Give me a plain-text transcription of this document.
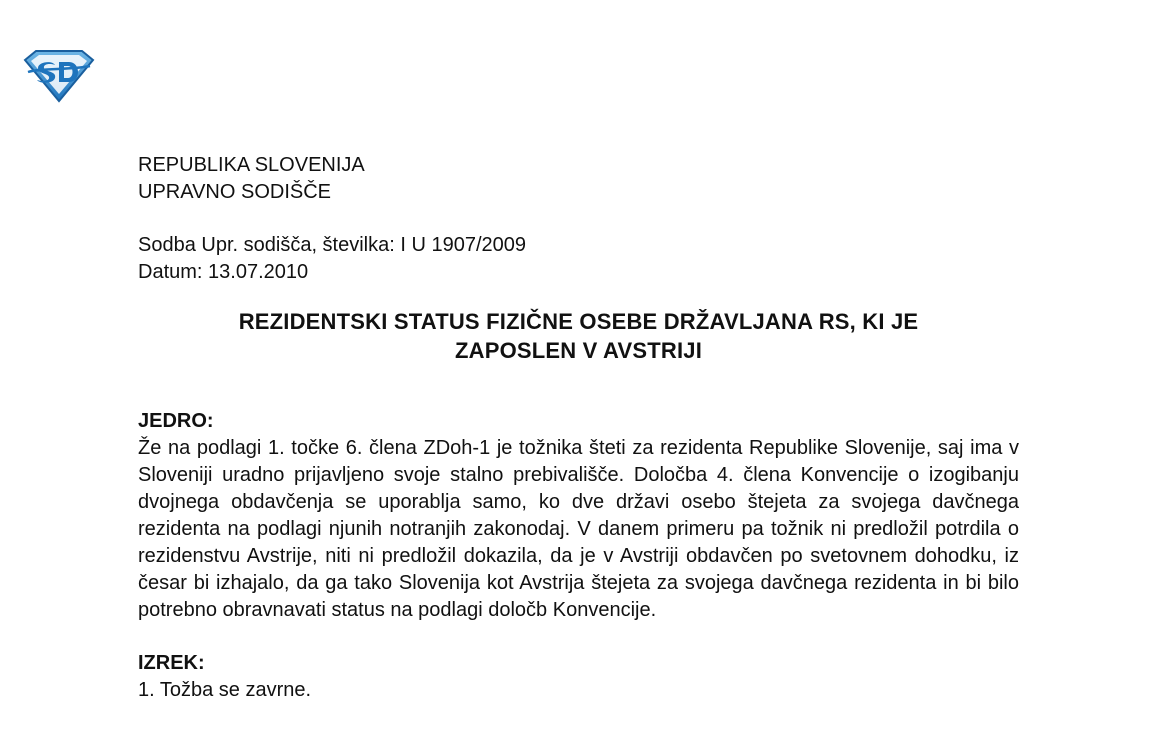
REPUBLIKA SLOVENIJA

UPRAVNO SODIŠČE

Sodba Upr. sodišča, številka: I U 1907/2009

Datum: 13.07.2010

REZIDENTSKI STATUS FIZIČNE OSEBE DRŽAVLJANA RS, KI JE
ZAPOSLEN V AVSTRIJI

JEDRO:

Že na podlagi 1. točke 6. člena ZDoh-1 je tožnika šteti za rezidenta Republike Slovenije, saj ima v Sloveniji uradno prijavljeno svoje stalno prebivališče. Določba 4. člena Konvencije o izogibanju dvojnega obdavčenja se uporablja samo, ko dve državi osebo štejeta za svojega davčnega rezidenta na podlagi njunih notranjih zakonodaj. V danem primeru pa tožnik ni predložil potrdila o rezidenstvu Avstrije, niti ni predložil dokazila, da je v Avstriji obdavčen po svetovnem dohodku, iz česar bi izhajalo, da ga tako Slovenija kot Avstrija štejeta za svojega davčnega rezidenta in bi bilo potrebno obravnavati status na podlagi določb Konvencije.

IZREK:

1. Tožba se zavrne.
